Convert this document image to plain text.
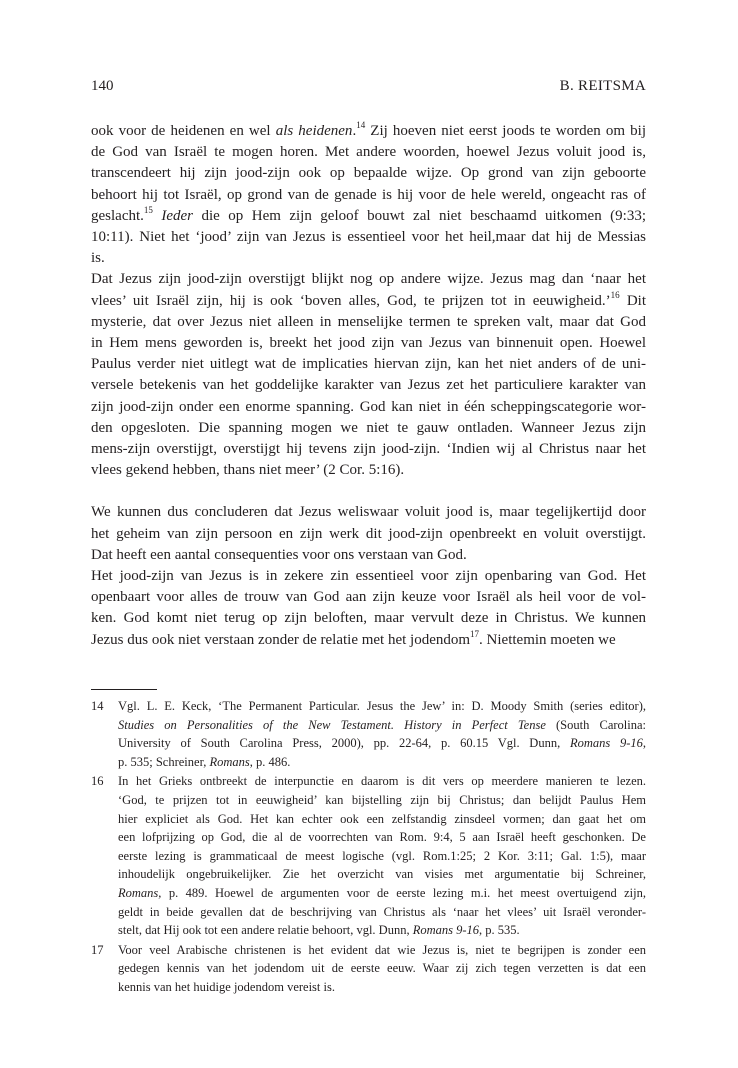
140	B. REITSMA
ook voor de heidenen en wel als heidenen.$^{14}$ Zij hoeven niet eerst joods te worden om bij
de God van Israël te mogen horen. Met andere woorden, hoewel Jezus voluit jood is,
transcendeert hij zijn jood-zijn ook op bepaalde wijze. Op grond van zijn geboorte
behoort hij tot Israël, op grond van de genade is hij voor de hele wereld, ongeacht ras of
geslacht.$^{15}$ Ieder die op Hem zijn geloof bouwt zal niet beschaamd uitkomen (9:33;
10:11). Niet het ‘jood’ zijn van Jezus is essentieel voor het heil,maar dat hij de Messias
is.
Dat Jezus zijn jood-zijn overstijgt blijkt nog op andere wijze. Jezus mag dan ‘naar het
vlees’ uit Israël zijn, hij is ook ‘boven alles, God, te prijzen tot in eeuwigheid.’$^{16}$ Dit
mysterie, dat over Jezus niet alleen in menselijke termen te spreken valt, maar dat God
in Hem mens geworden is, breekt het jood zijn van Jezus van binnenuit open. Hoewel
Paulus verder niet uitlegt wat de implicaties hiervan zijn, kan het niet anders of de uni-
versele betekenis van het goddelijke karakter van Jezus zet het particuliere karakter van
zijn jood-zijn onder een enorme spanning. God kan niet in één scheppingscategorie wor-
den opgesloten. Die spanning mogen we niet te gauw ontladen. Wanneer Jezus zijn
mens-zijn overstijgt, overstijgt hij tevens zijn jood-zijn. ‘Indien wij al Christus naar het
vlees gekend hebben, thans niet meer’ (2 Cor. 5:16).
We kunnen dus concluderen dat Jezus weliswaar voluit jood is, maar tegelijkertijd door
het geheim van zijn persoon en zijn werk dit jood-zijn openbreekt en voluit overstijgt.
Dat heeft een aantal consequenties voor ons verstaan van God.
Het jood-zijn van Jezus is in zekere zin essentieel voor zijn openbaring van God. Het
openbaart voor alles de trouw van God aan zijn keuze voor Israël als heil voor de vol-
ken. God komt niet terug op zijn beloften, maar vervult deze in Christus. We kunnen
Jezus dus ook niet verstaan zonder de relatie met het jodendom$^{17}$. Niettemin moeten we
14 Vgl. L. E. Keck, ‘The Permanent Particular. Jesus the Jew’ in: D. Moody Smith (series editor),
Studies on Personalities of the New Testament. History in Perfect Tense (South Carolina:
University of South Carolina Press, 2000), pp. 22-64, p. 60.15 Vgl. Dunn, Romans 9-16,
p. 535; Schreiner, Romans, p. 486.
16 In het Grieks ontbreekt de interpunctie en daarom is dit vers op meerdere manieren te lezen.
‘God, te prijzen tot in eeuwigheid’ kan bijstelling zijn bij Christus; dan belijdt Paulus Hem
hier expliciet als God. Het kan echter ook een zelfstandig zinsdeel vormen; dan gaat het om
een lofprijzing op God, die al de voorrechten van Rom. 9:4, 5 aan Israël heeft geschonken. De
eerste lezing is grammaticaal de meest logische (vgl. Rom.1:25; 2 Kor. 3:11; Gal. 1:5), maar
inhoudelijk ongebruikelijker. Zie het overzicht van visies met argumentatie bij Schreiner,
Romans, p. 489. Hoewel de argumenten voor de eerste lezing m.i. het meest overtuigend zijn,
geldt in beide gevallen dat de beschrijving van Christus als ‘naar het vlees’ uit Israël veronder-
stelt, dat Hij ook tot een andere relatie behoort, vgl. Dunn, Romans 9-16, p. 535.
17 Voor veel Arabische christenen is het evident dat wie Jezus is, niet te begrijpen is zonder een
gedegen kennis van het jodendom uit de eerste eeuw. Waar zij zich tegen verzetten is dat een
kennis van het huidige jodendom vereist is.
